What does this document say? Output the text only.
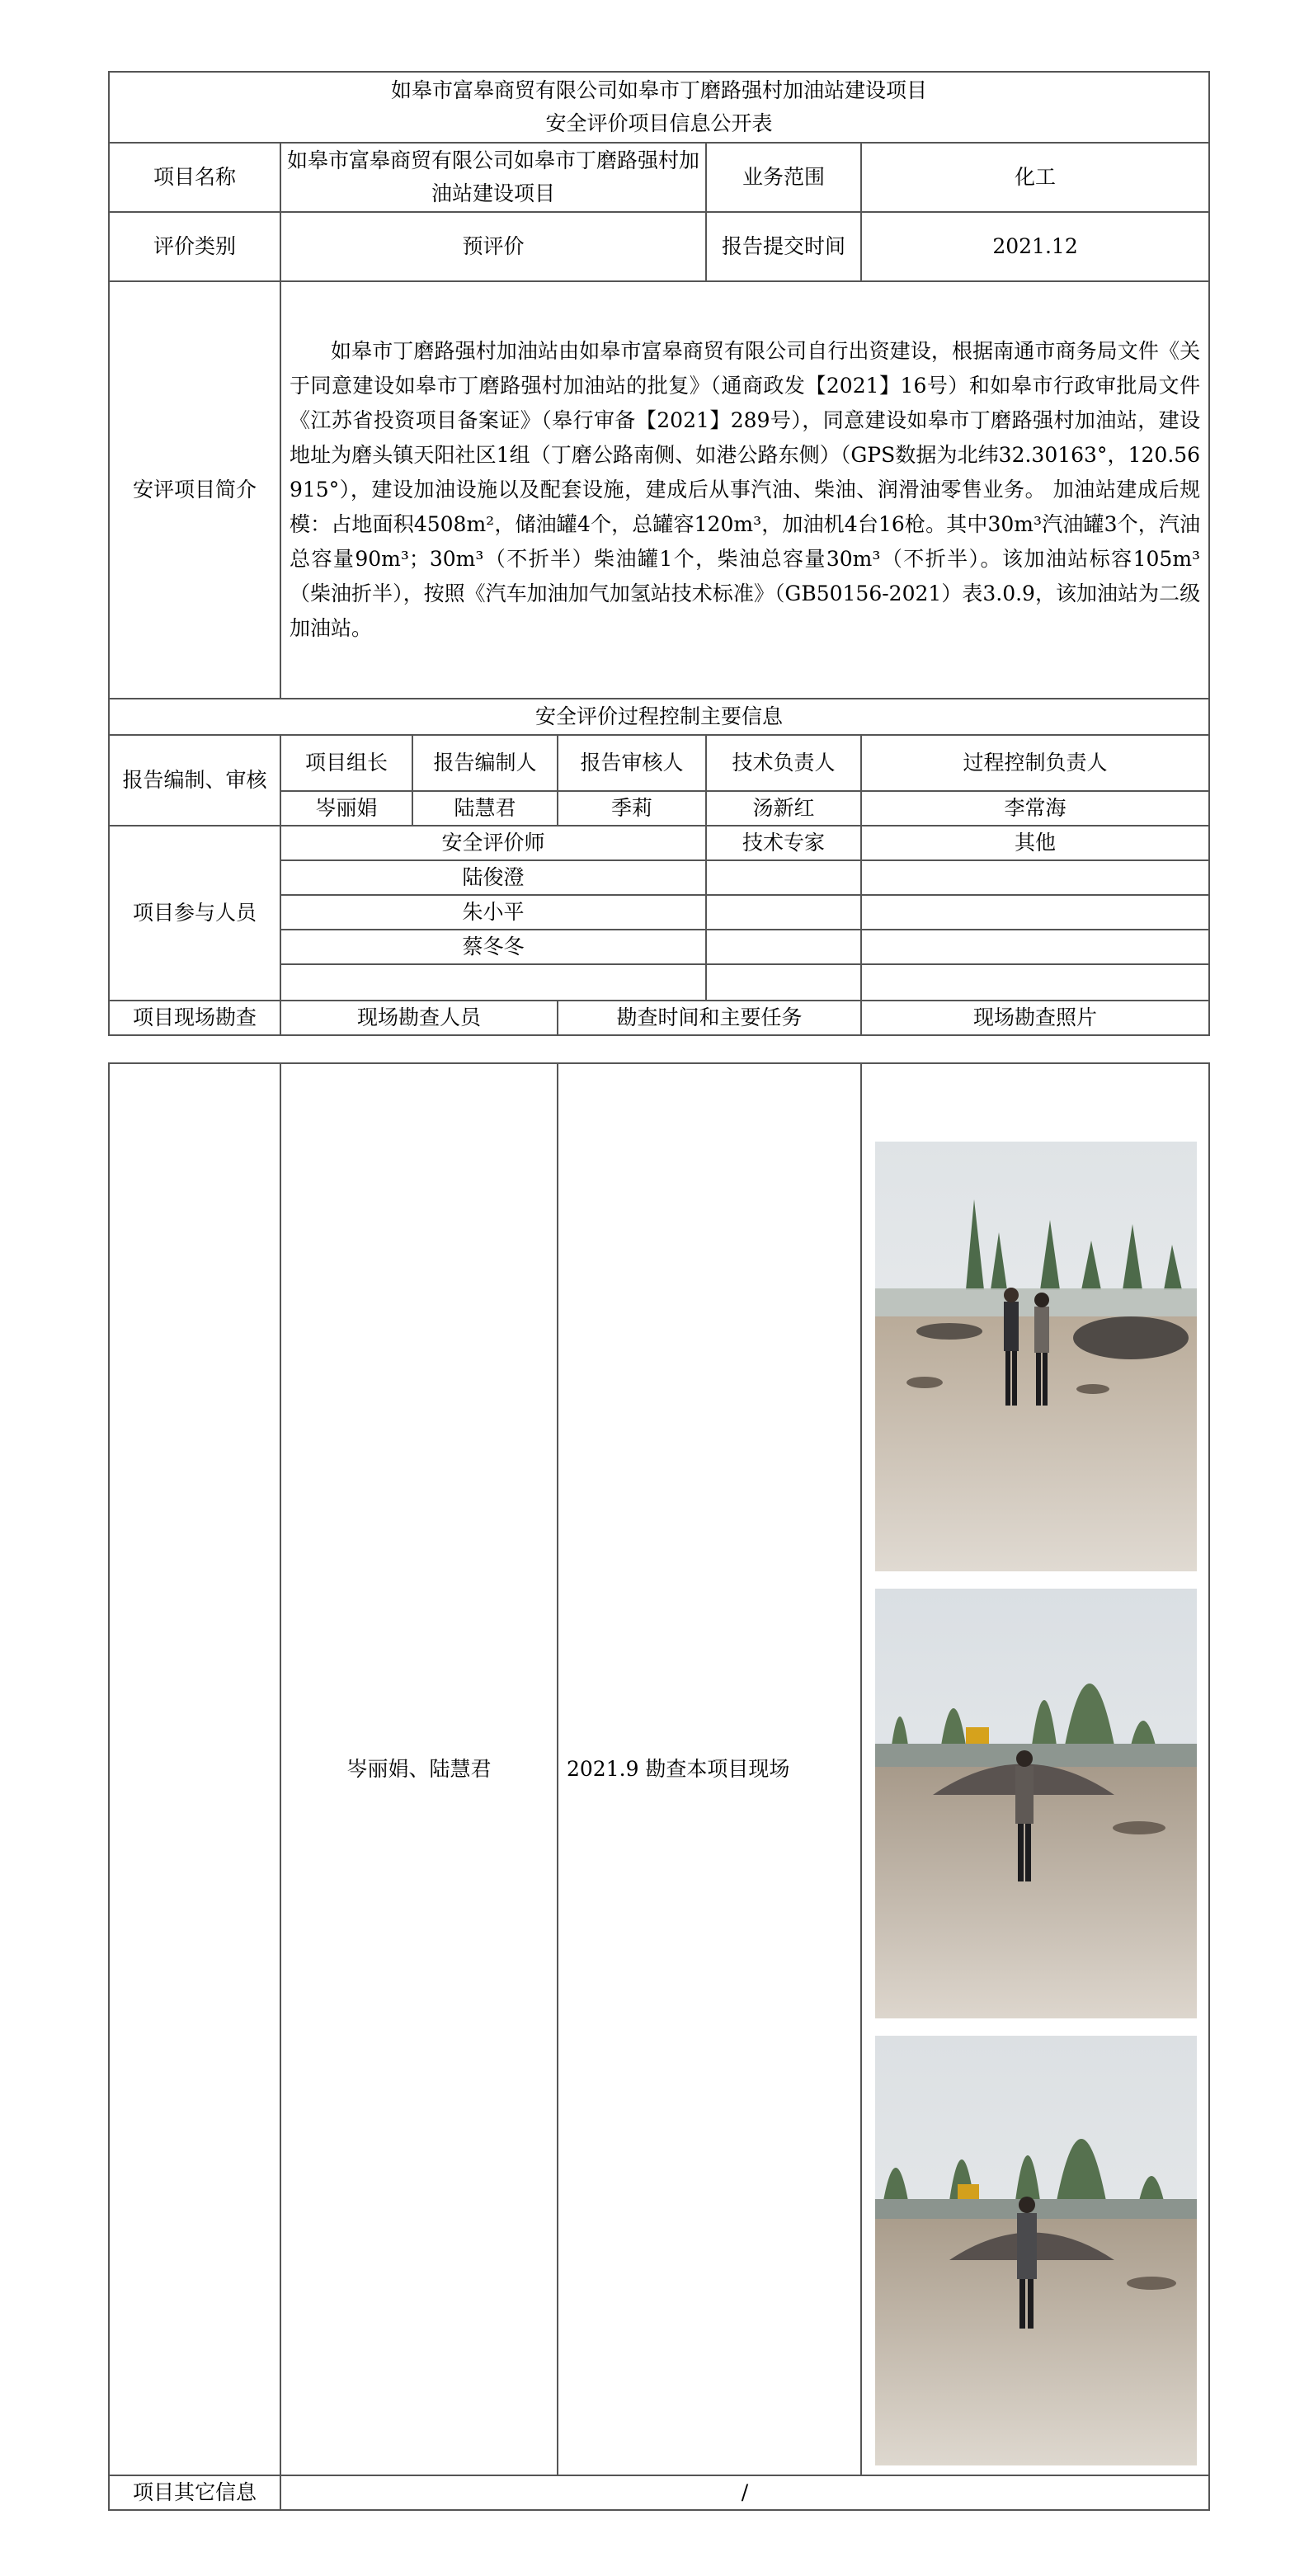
如皋市富皋商贸有限公司如皋市丁磨路强村加油站建设项目
安全评价项目信息公开表					

项目名称	如皋市富皋商贸有限公司如皋市丁磨路强村加油站建设项目			业务范围	化工
评价类别	预评价			报告提交时间	2021.12
安评项目简介	如皋市丁磨路强村加油站由如皋市富皋商贸有限公司自行出资建设，根据南通市商务局文件《关于同意建设如皋市丁磨路强村加油站的批复》（通商政发【2021】16号）和如皋市行政审批局文件《江苏省投资项目备案证》（皋行审备【2021】289号），同意建设如皋市丁磨路强村加油站，建设地址为磨头镇天阳社区1组（丁磨公路南侧、如港公路东侧）（GPS数据为北纬32.30163°，120.56915°），建设加油设施以及配套设施，建成后从事汽油、柴油、润滑油零售业务。 加油站建成后规模：占地面积4508m²，储油罐4个，总罐容120m³，加油机4台16枪。其中30m³汽油罐3个，汽油总容量90m³；30m³（不折半）柴油罐1个，柴油总容量30m³（不折半）。该加油站标容105m³（柴油折半），按照《汽车加油加气加氢站技术标准》（GB50156-2021）表3.0.9，该加油站为二级加油站。				
安全评价过程控制主要信息					
报告编制、审核	项目组长	报告编制人	报告审核人	技术负责人	过程控制负责人
	岑丽娟	陆慧君	季莉	汤新红	李常海
项目参与人员	安全评价师			技术专家	其他
	陆俊澄				
	朱小平				
	蔡冬冬				

项目现场勘查	现场勘查人员		勘查时间和主要任务		现场勘查照片
	岑丽娟、陆慧君	2021.9 勘查本项目现场	

项目其它信息	/		
